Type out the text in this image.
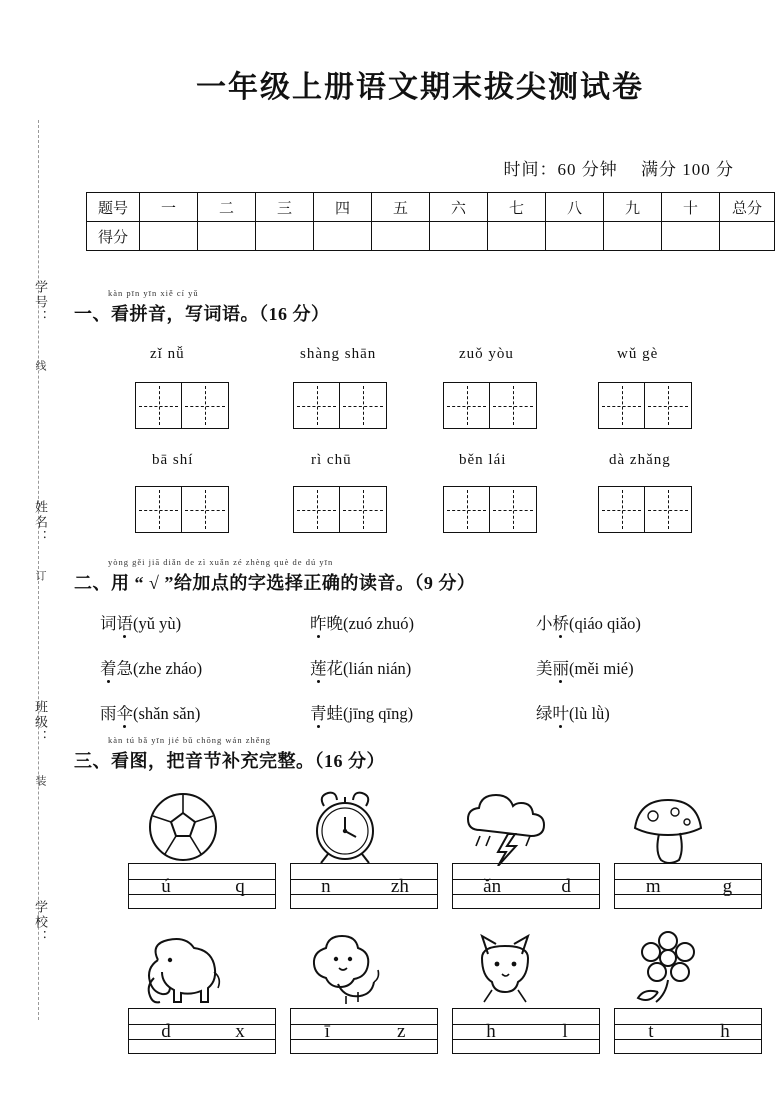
学号：
线
姓名：
订
班级：
装
学校：
一年级上册语文期末拔尖测试卷
时间：60 分钟 满分 100 分
题号	一	二	三	四	五	六	七	八	九	十	总分
得分											
kàn pīn yīn xiě cí yǔ
一、看拼音，写词语。（16 分）
zǐ nǚ	shàng shān	zuǒ yòu	wǔ gè
bā shí	rì chū	běn lái	dà zhǎng
yòng gěi jiā diǎn de zì xuǎn zé zhèng què de dú yīn
二、用 “ √ ”给加点的字选择正确的读音。（9 分）
词语(yǔ yù)	昨晚(zuó zhuó)	小桥(qiáo qiǎo)
着急(zhe zháo)	莲花(lián nián)	美丽(měi mié)
雨伞(shǎn sǎn)	青蛙(jīng qīng)	绿叶(lù lǜ)
kàn tú bǎ yīn jié bǔ chōng wán zhěng
三、看图，把音节补充完整。（16 分）
ú	q	n	zh	ǎn	d	m	g
d	x	ī	z	h	l	t	h
